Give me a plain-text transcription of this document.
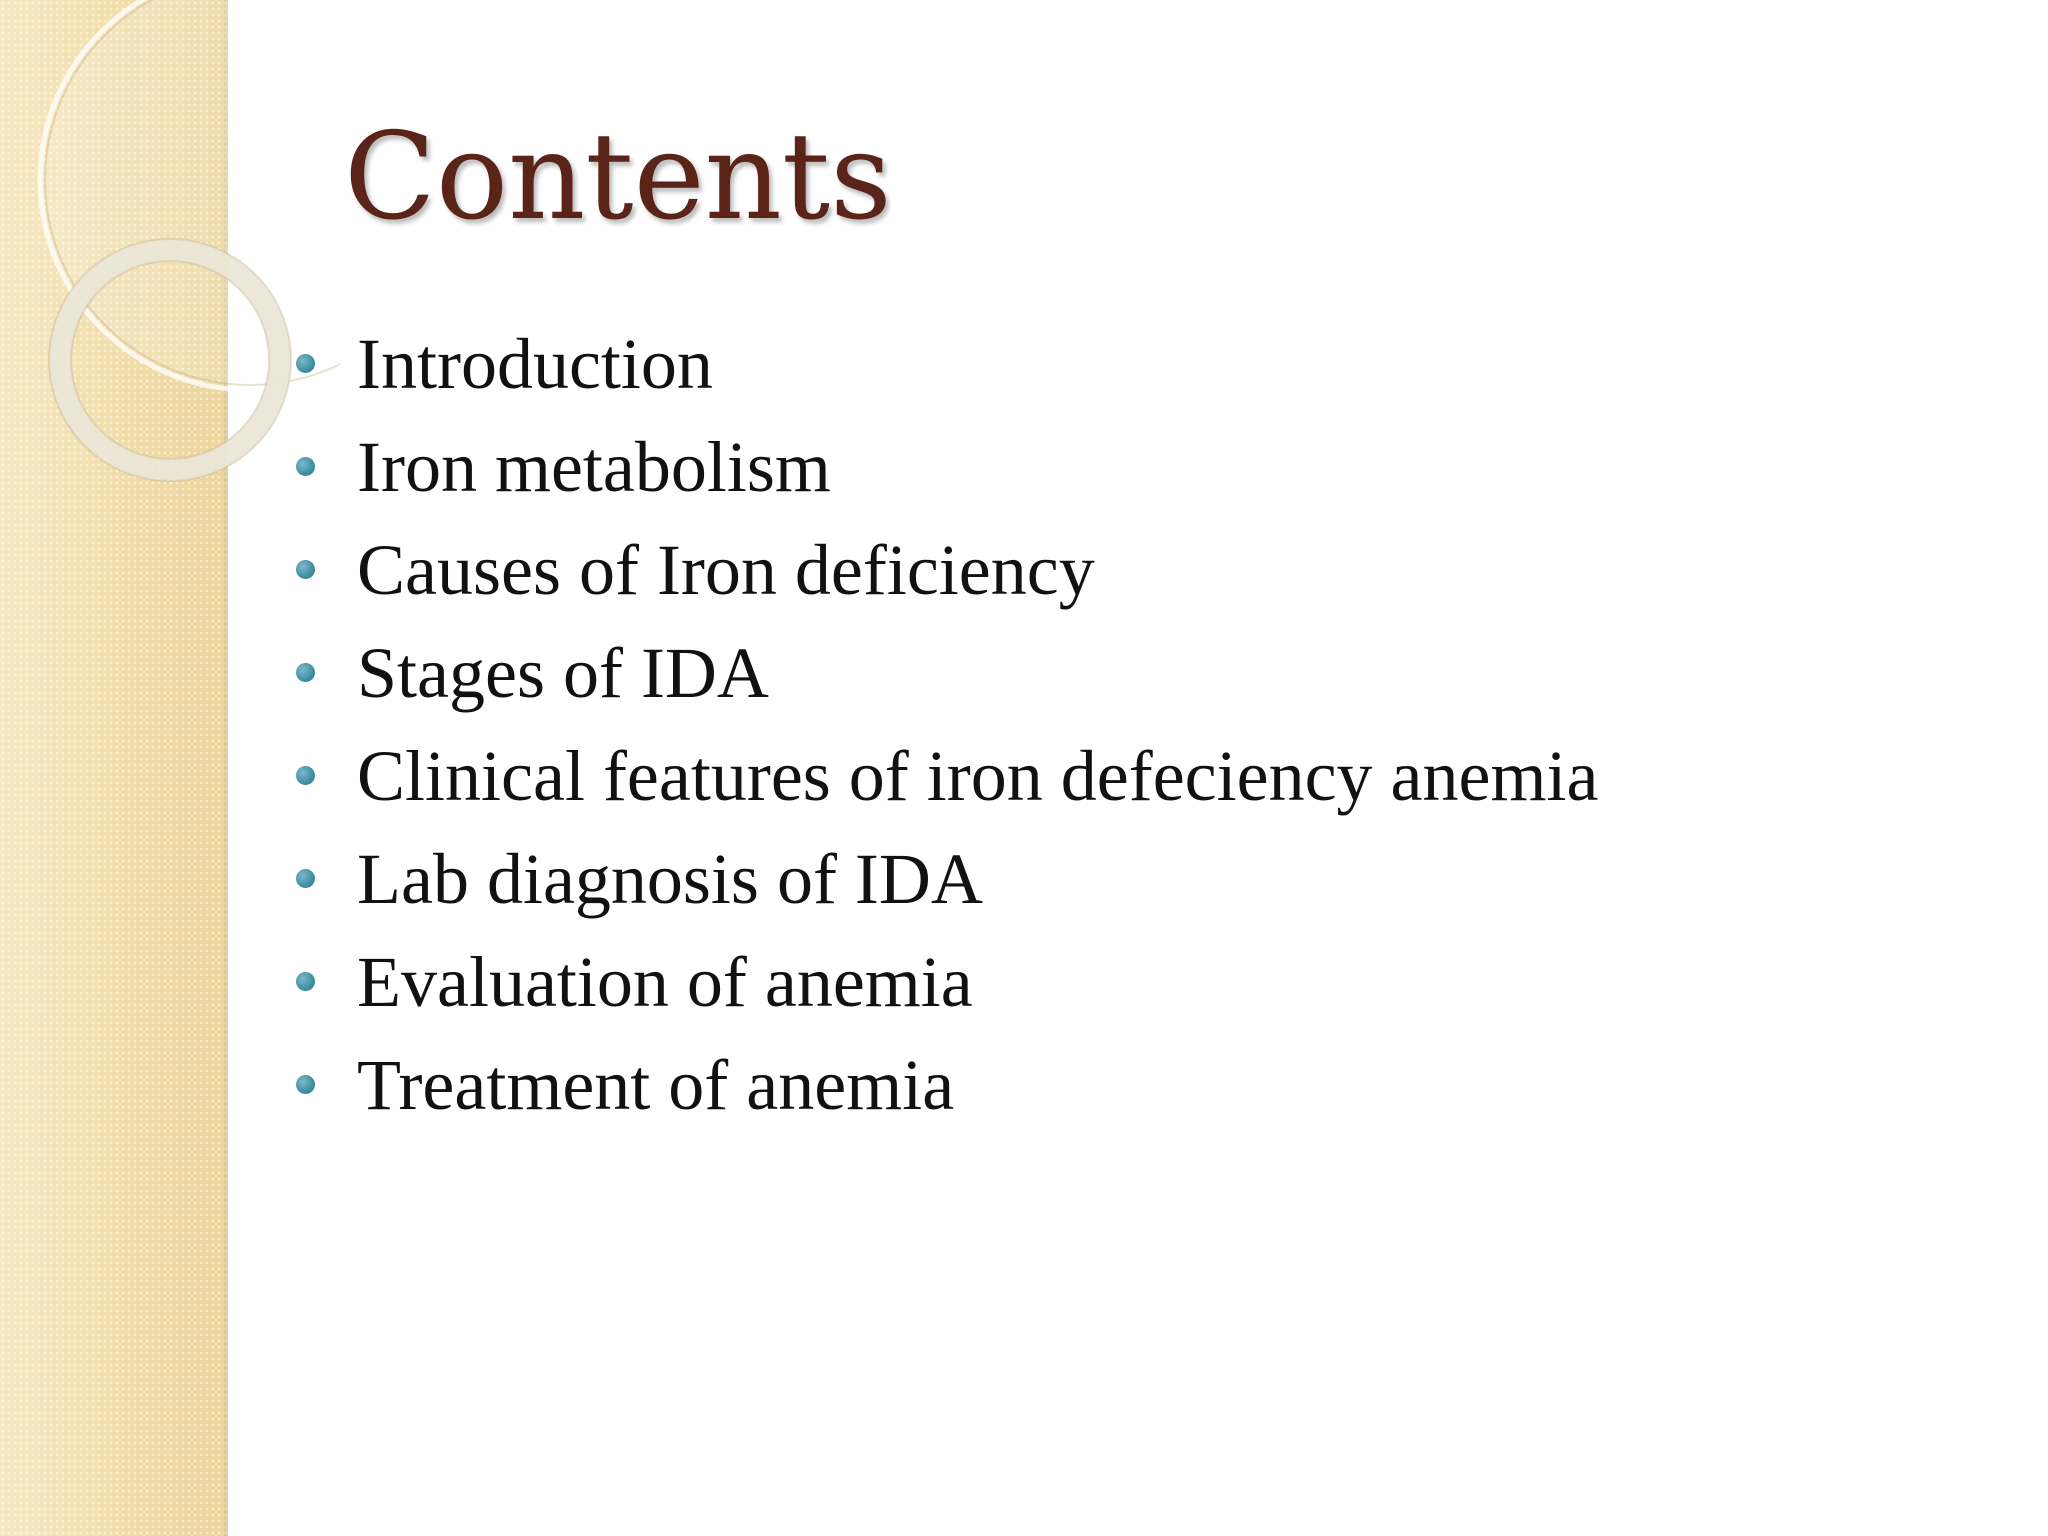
Contents
Introduction
Iron metabolism
Causes of Iron deficiency
Stages of IDA
Clinical features of iron defeciency anemia
Lab diagnosis of IDA
Evaluation of anemia
Treatment of anemia
